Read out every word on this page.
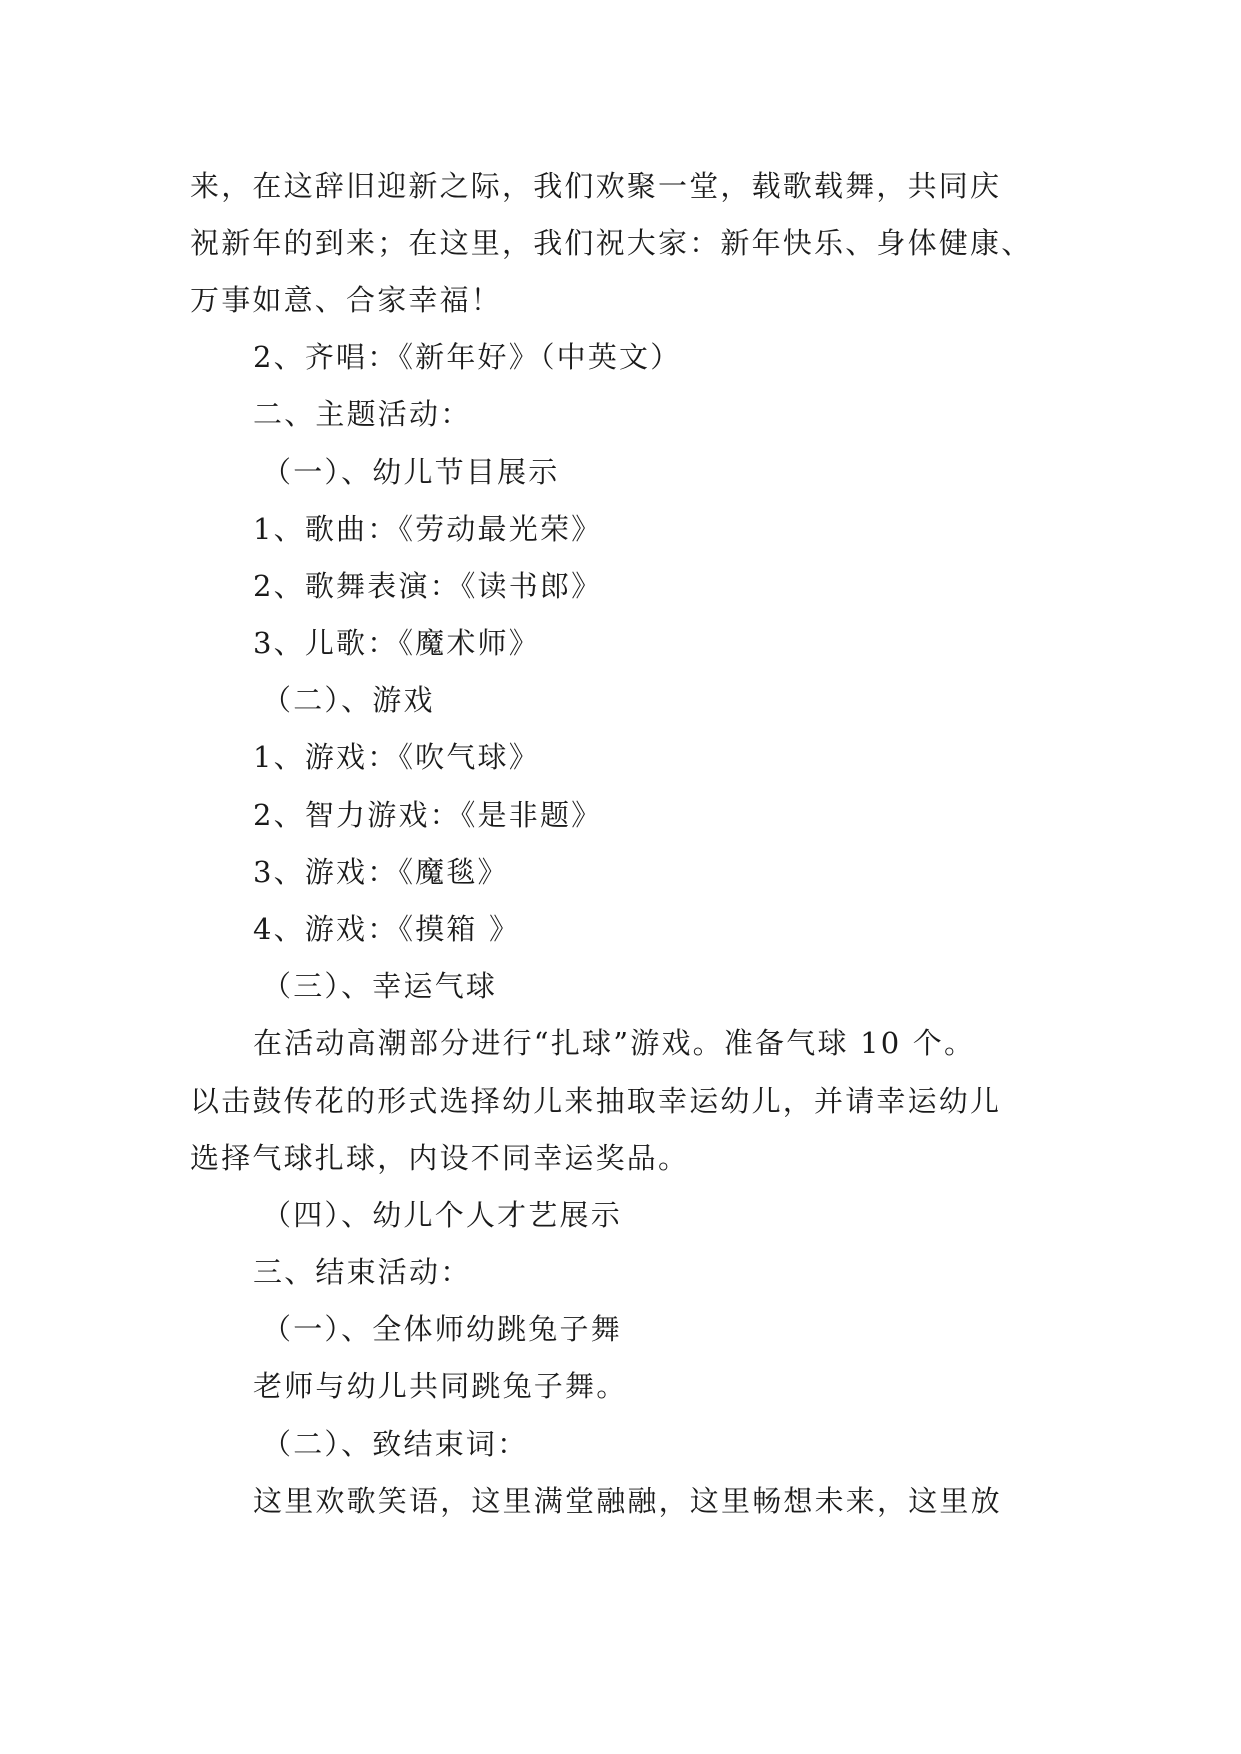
来，在这辞旧迎新之际，我们欢聚一堂，载歌载舞，共同庆

祝新年的到来；在这里，我们祝大家：新年快乐、身体健康、

万事如意、合家幸福！

2、齐唱：《新年好》（中英文）

二、主题活动：

（一）、幼儿节目展示

1、歌曲：《劳动最光荣》

2、歌舞表演：《读书郎》

3、儿歌：《魔术师》

（二）、游戏

1、游戏：《吹气球》

2、智力游戏：《是非题》

3、游戏：《魔毯》

4、游戏：《摸箱 》

（三）、幸运气球

在活动高潮部分进行“扎球”游戏。准备气球 10 个。

以击鼓传花的形式选择幼儿来抽取幸运幼儿，并请幸运幼儿

选择气球扎球，内设不同幸运奖品。

（四）、幼儿个人才艺展示

三、结束活动：

（一）、全体师幼跳兔子舞

老师与幼儿共同跳兔子舞。

（二）、致结束词：

这里欢歌笑语，这里满堂融融，这里畅想未来，这里放
